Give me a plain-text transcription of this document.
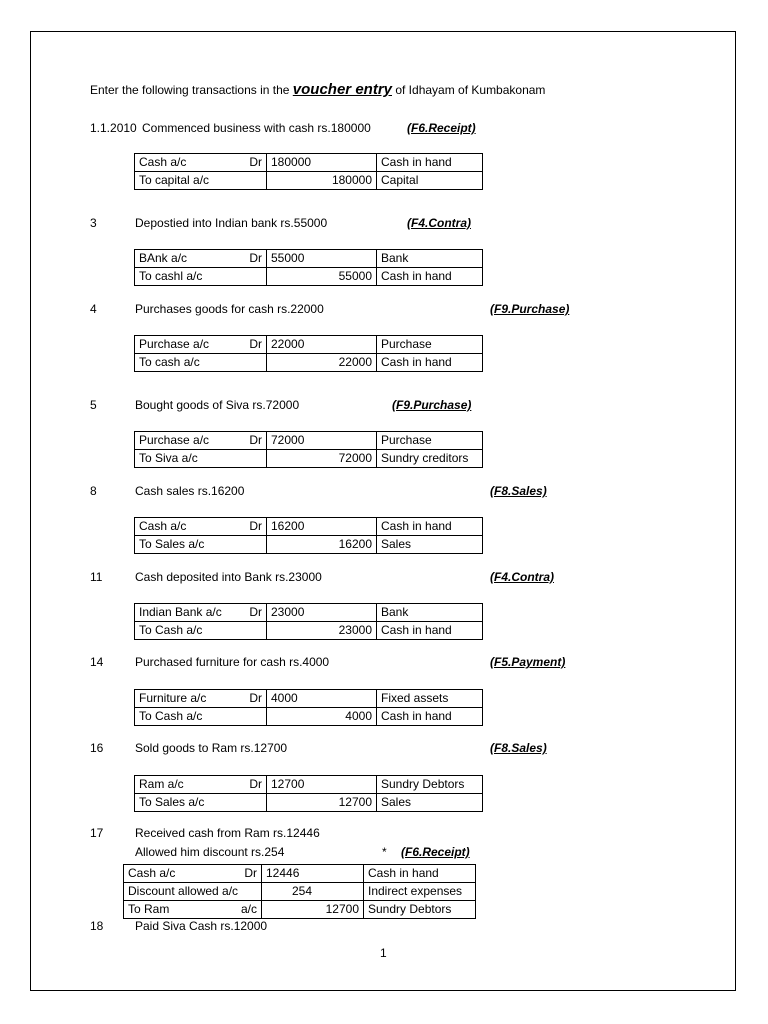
Enter the following transactions in the voucher entry of Idhayam of Kumbakonam
1.1.2010 Commenced business with cash rs.180000	(F6.Receipt)
Cash a/c Dr	180000	Cash in hand

To capital a/c	180000	Capital
3	Depostied into Indian bank rs.55000	(F4.Contra)
BAnk a/c Dr	55000	Bank

To cashl a/c	55000	Cash in hand
4	Purchases goods for cash rs.22000	(F9.Purchase)
Purchase a/c Dr	22000	Purchase

To cash a/c	22000	Cash in hand
5	Bought goods of Siva rs.72000	(F9.Purchase)
Purchase a/c Dr	72000	Purchase

To Siva a/c	72000	Sundry creditors
8	Cash sales rs.16200	(F8.Sales)
Cash a/c Dr	16200	Cash in hand

To Sales a/c	16200	Sales
11	Cash deposited into Bank rs.23000	(F4.Contra)
Indian Bank a/c Dr	23000	Bank

To Cash a/c	23000	Cash in hand
14	Purchased furniture for cash rs.4000	(F5.Payment)
Furniture a/c Dr	4000	Fixed assets

To Cash a/c	4000	Cash in hand
16	Sold goods to Ram rs.12700	(F8.Sales)
Ram a/c Dr	12700	Sundry Debtors

To Sales a/c	12700	Sales
17	Received cash from Ram rs.12446
Allowed him discount rs.254	* (F6.Receipt)
Cash a/c Dr	12446	Cash in hand

Discount allowed a/c	254	Indirect expenses

To Ram a/c	12700	Sundry Debtors
18	Paid Siva Cash rs.12000
1
